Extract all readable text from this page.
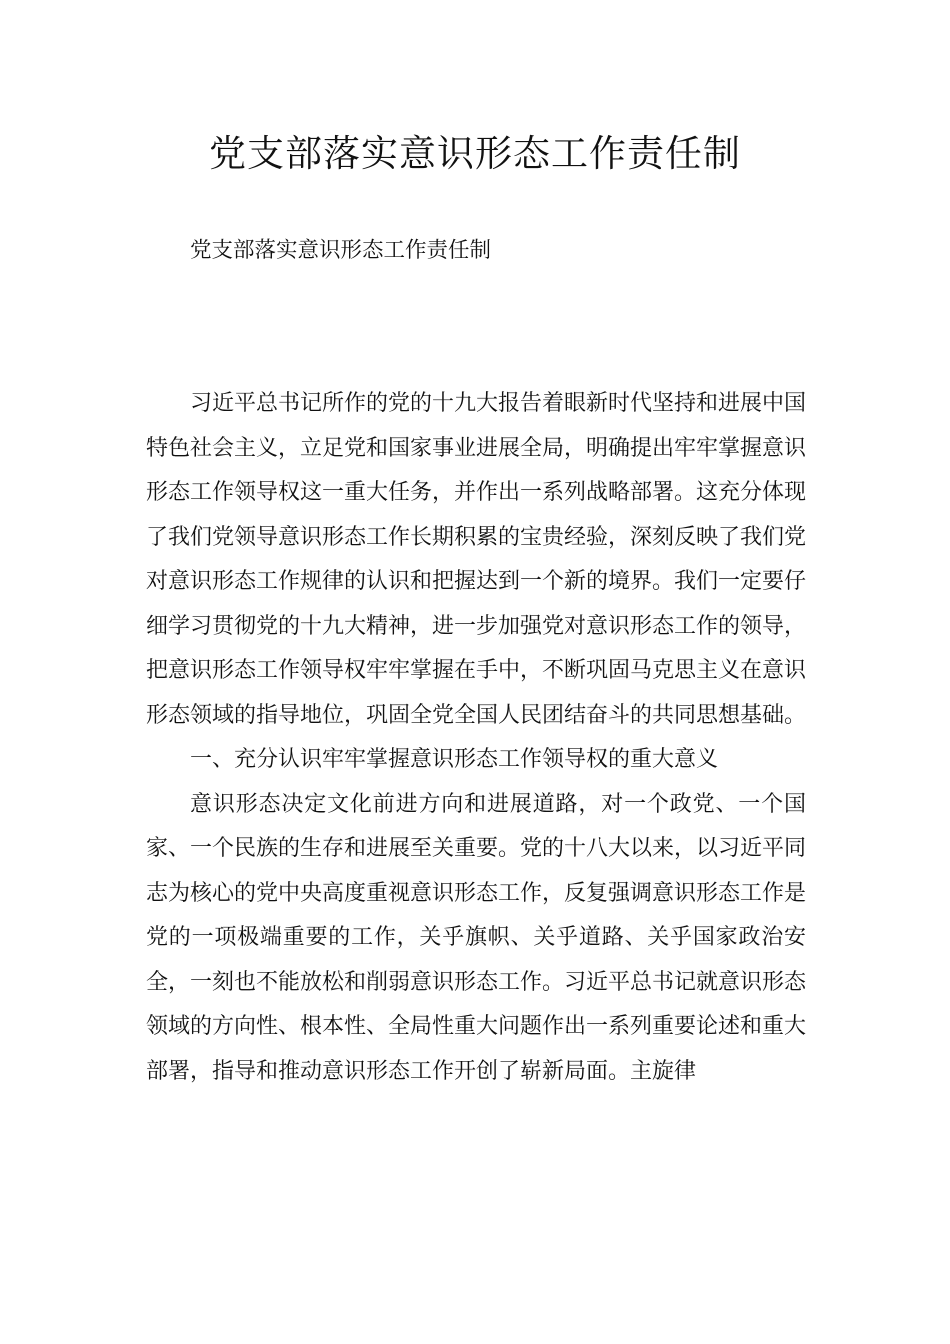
党支部落实意识形态工作责任制

党支部落实意识形态工作责任制

习近平总书记所作的党的十九大报告着眼新时代坚持和进展中国特色社会主义，立足党和国家事业进展全局，明确提出牢牢掌握意识形态工作领导权这一重大任务，并作出一系列战略部署。这充分体现了我们党领导意识形态工作长期积累的宝贵经验，深刻反映了我们党对意识形态工作规律的认识和把握达到一个新的境界。我们一定要仔细学习贯彻党的十九大精神，进一步加强党对意识形态工作的领导，把意识形态工作领导权牢牢掌握在手中，不断巩固马克思主义在意识形态领域的指导地位，巩固全党全国人民团结奋斗的共同思想基础。

一、充分认识牢牢掌握意识形态工作领导权的重大意义

意识形态决定文化前进方向和进展道路，对一个政党、一个国家、一个民族的生存和进展至关重要。党的十八大以来，以习近平同志为核心的党中央高度重视意识形态工作，反复强调意识形态工作是党的一项极端重要的工作，关乎旗帜、关乎道路、关乎国家政治安全，一刻也不能放松和削弱意识形态工作。习近平总书记就意识形态领域的方向性、根本性、全局性重大问题作出一系列重要论述和重大部署，指导和推动意识形态工作开创了崭新局面。主旋律
